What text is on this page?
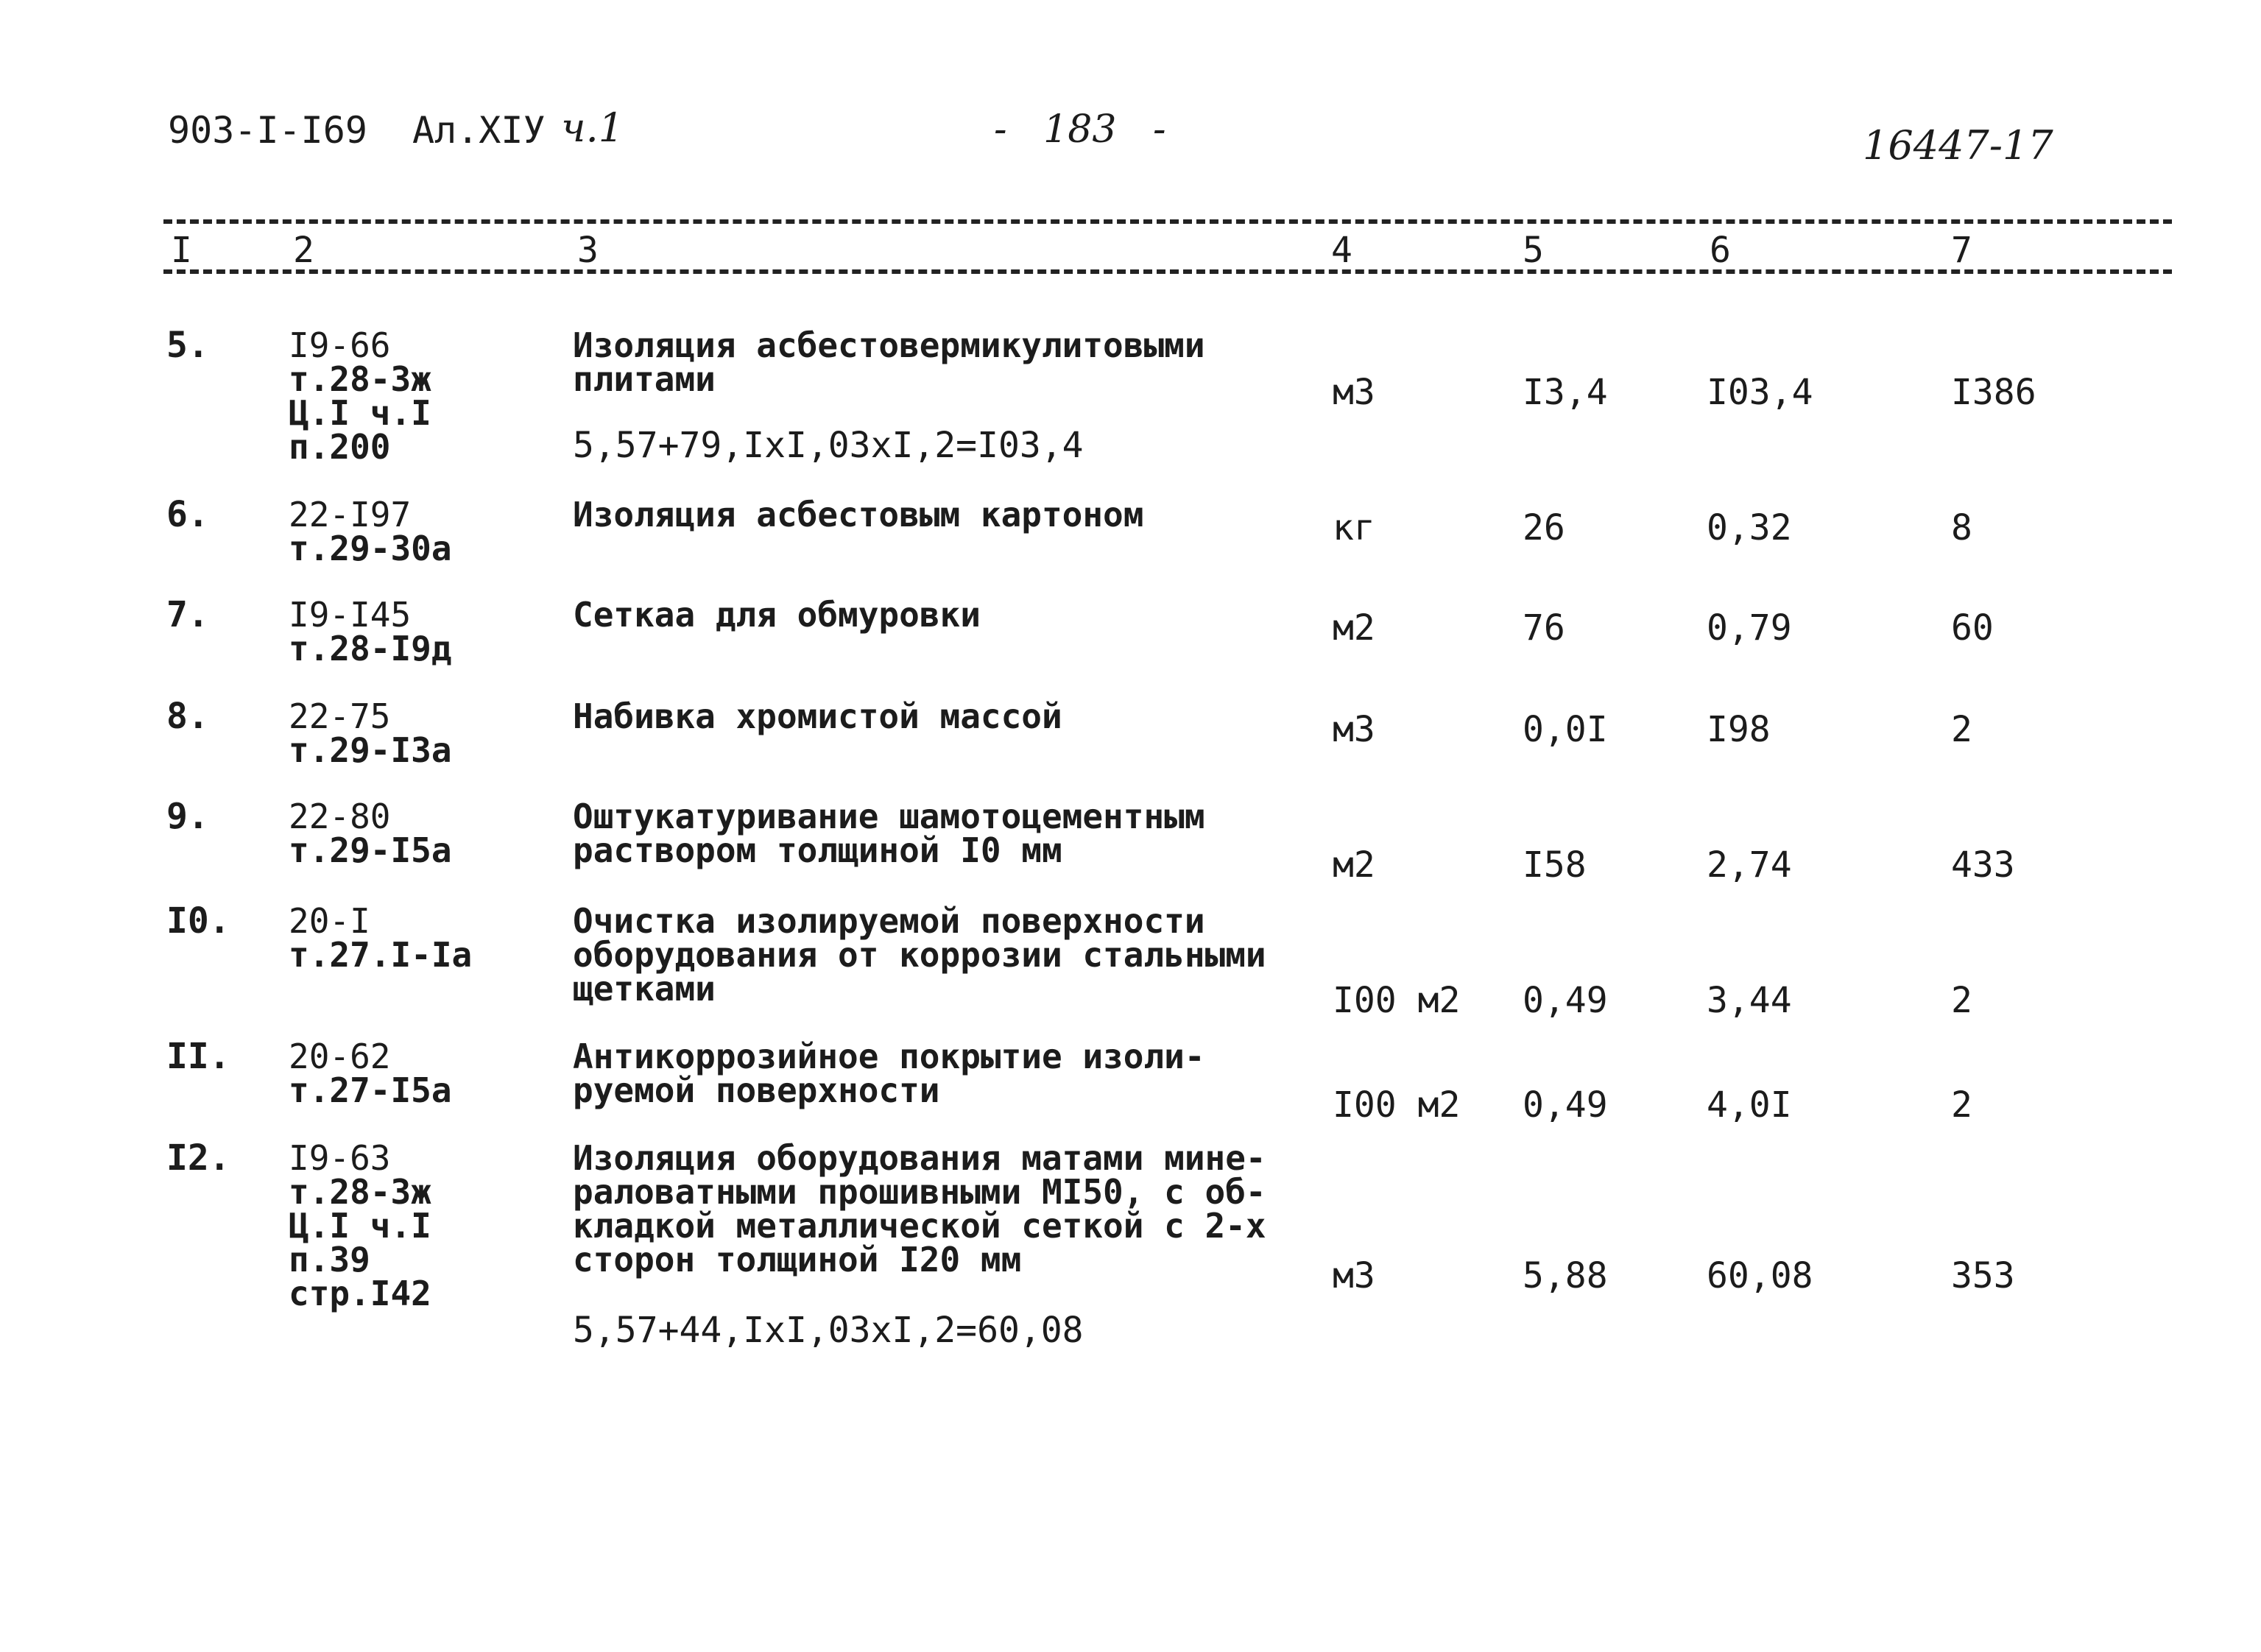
903-I-I69 Ал.XIУ ч.1	-   183   -	16447-17
I	2	3	4	5	6	7
5. I9-66
т.28-3ж
Ц.I ч.I
п.200
Изоляция асбестовермикулитовыми
плитами
5,57+79,IxI,03xI,2=I03,4
м3	I3,4	I03,4	I386
6. 22-I97
т.29-30а
Изоляция асбестовым картоном	кг	26	0,32	8
7. I9-I45
т.28-I9д
Сеткаа для обмуровки	м2	76	0,79	60
8. 22-75
т.29-I3а
Набивка хромистой массой	м3	0,0I	I98	2
9. 22-80
т.29-I5а
Оштукатуривание шамотоцементным
раствором толщиной I0 мм	м2	I58	2,74	433
I0. 20-I
т.27.I-Iа
Очистка изолируемой поверхности
оборудования от коррозии стальными
щетками	I00 м2 0,49	3,44	2
II. 20-62
т.27-I5а
Антикоррозийное покрытие изоли-
руемой поверхности	I00 м2 0,49	4,0I	2
I2. I9-63
т.28-3ж
Ц.I ч.I
п.39
стр.I42
Изоляция оборудования матами мине-
раловатными прошивными МI50, с об-
кладкой металлической сеткой с 2-х
сторон толщиной I20 мм
5,57+44,IxI,03xI,2=60,08
м3	5,88	60,08	353
